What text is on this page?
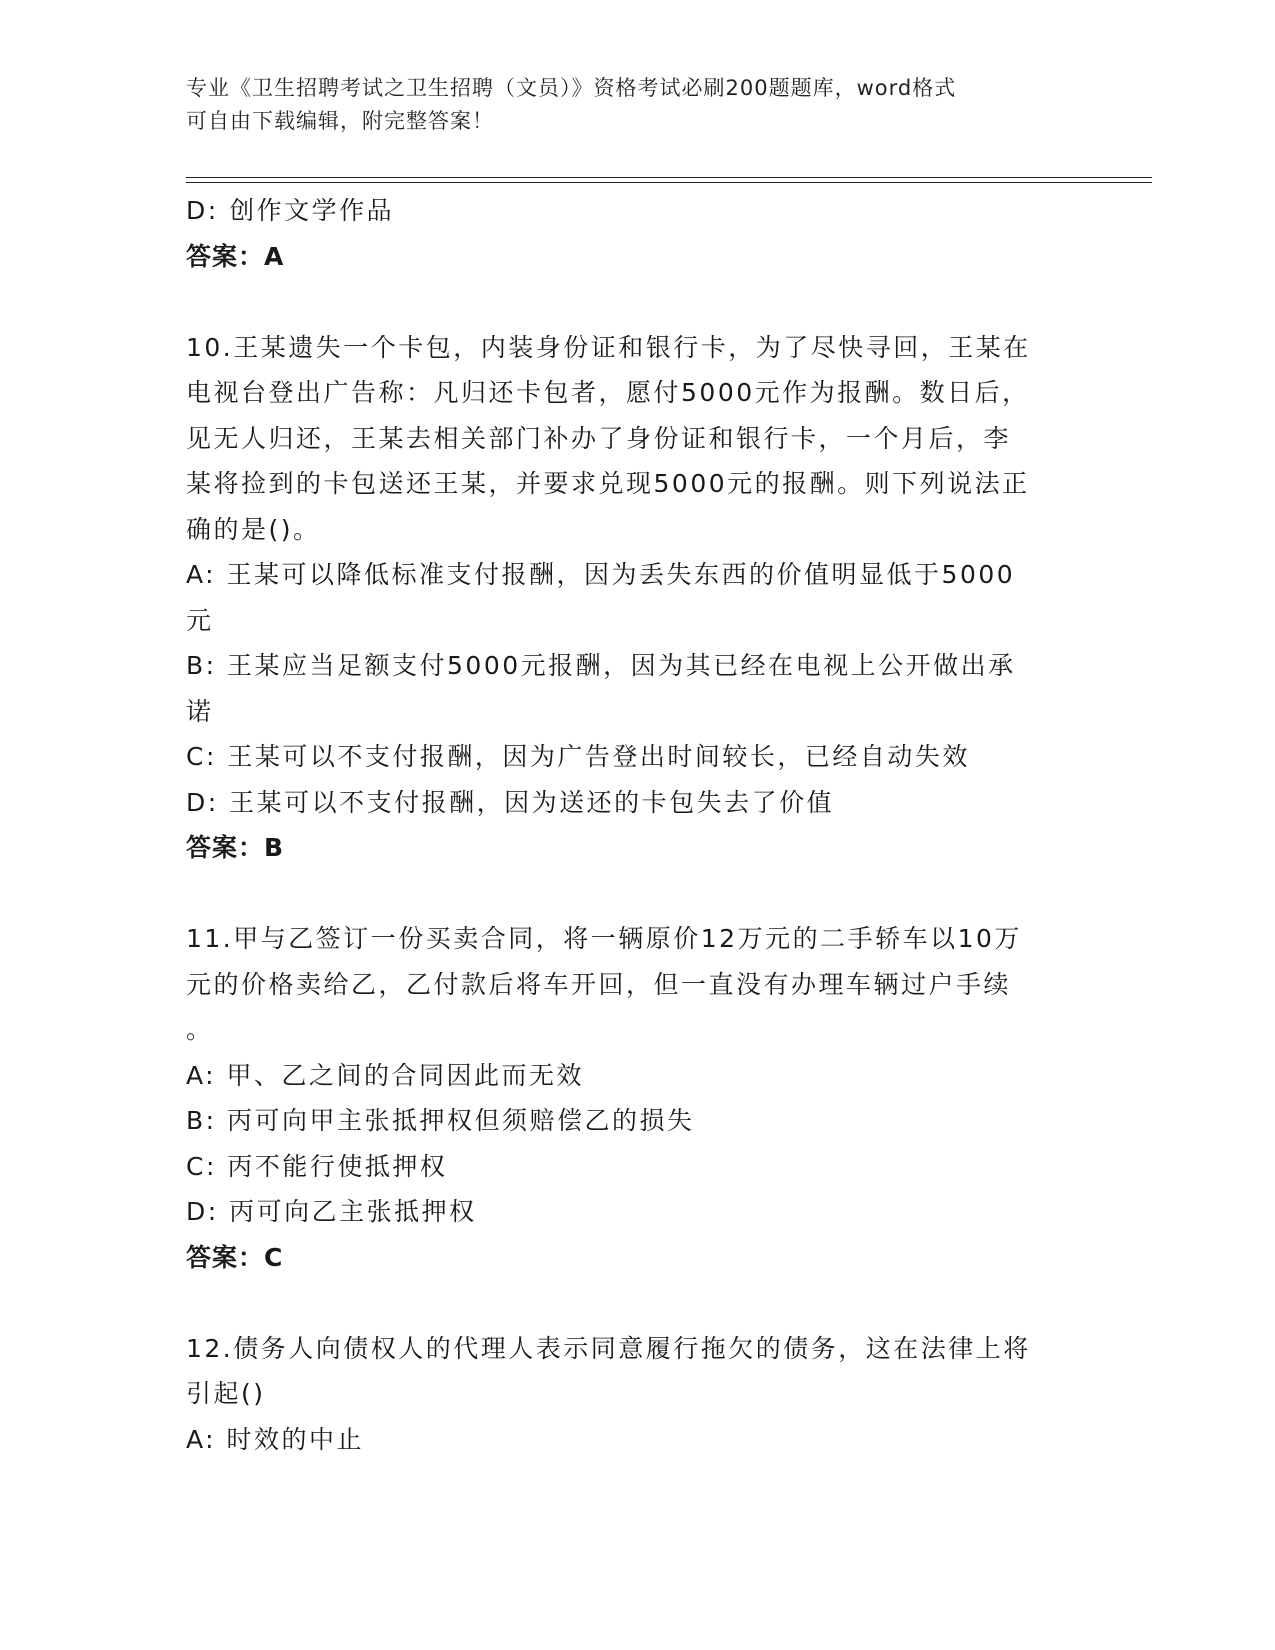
专业《卫生招聘考试之卫生招聘（文员）》资格考试必刷200题题库，word格式
可自由下载编辑，附完整答案！
D: 创作文学作品
答案：A
10.王某遗失一个卡包，内装身份证和银行卡，为了尽快寻回，王某在
电视台登出广告称：凡归还卡包者，愿付5000元作为报酬。数日后，
见无人归还，王某去相关部门补办了身份证和银行卡，一个月后，李
某将捡到的卡包送还王某，并要求兑现5000元的报酬。则下列说法正
确的是()。
A: 王某可以降低标准支付报酬，因为丢失东西的价值明显低于5000
元
B: 王某应当足额支付5000元报酬，因为其已经在电视上公开做出承
诺
C: 王某可以不支付报酬，因为广告登出时间较长，已经自动失效
D: 王某可以不支付报酬，因为送还的卡包失去了价值
答案：B
11.甲与乙签订一份买卖合同，将一辆原价12万元的二手轿车以10万
元的价格卖给乙，乙付款后将车开回，但一直没有办理车辆过户手续
。
A: 甲、乙之间的合同因此而无效
B: 丙可向甲主张抵押权但须赔偿乙的损失
C: 丙不能行使抵押权
D: 丙可向乙主张抵押权
答案：C
12.债务人向债权人的代理人表示同意履行拖欠的债务，这在法律上将
引起()
A: 时效的中止
